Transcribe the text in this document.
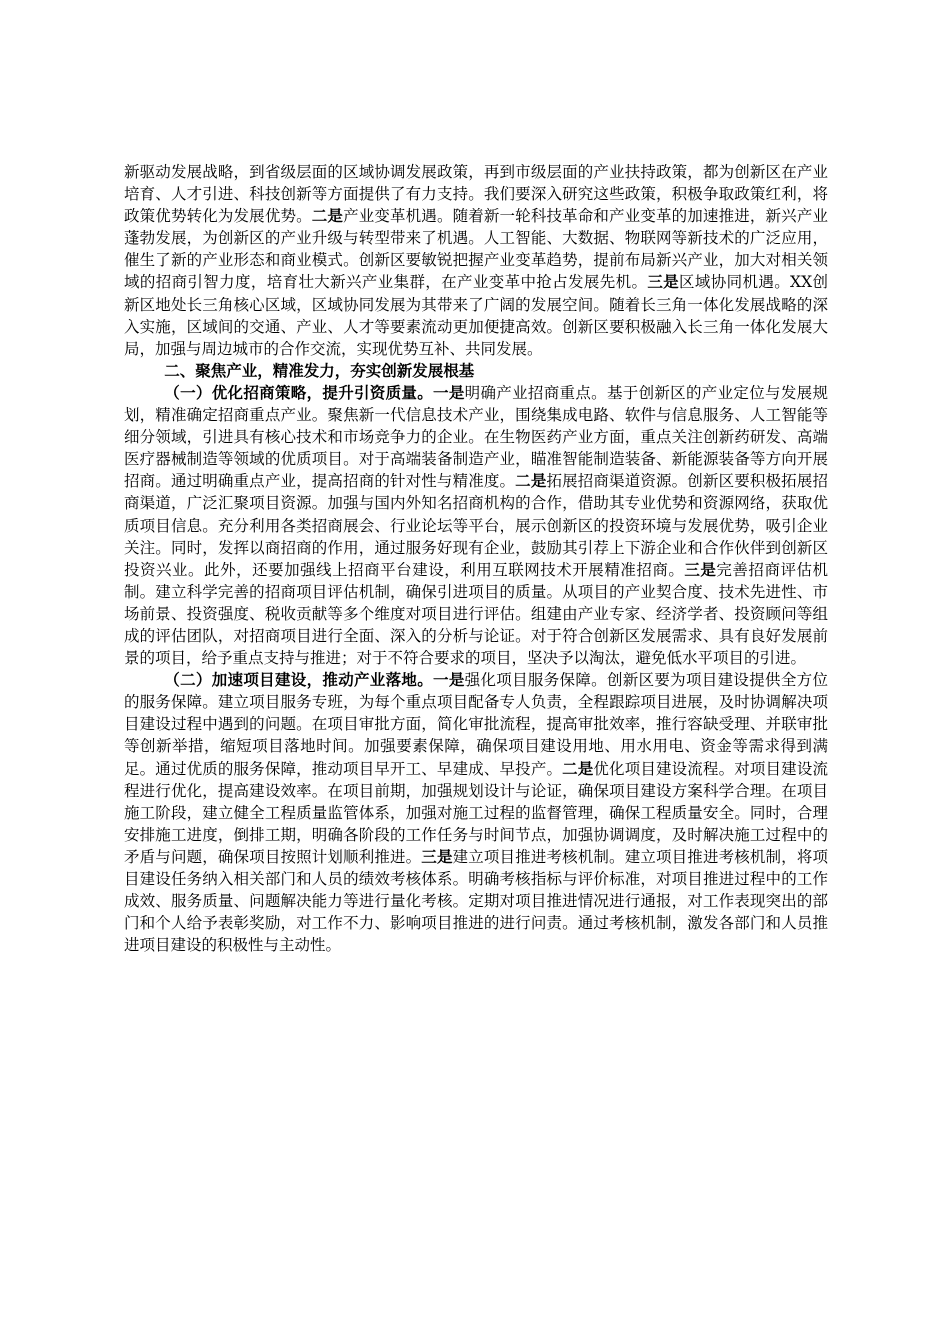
新驱动发展战略，到省级层面的区域协调发展政策，再到市级层面的产业扶持政策，都为创新区在产业培育、人才引进、科技创新等方面提供了有力支持。我们要深入研究这些政策，积极争取政策红利，将政策优势转化为发展优势。二是产业变革机遇。随着新一轮科技革命和产业变革的加速推进，新兴产业蓬勃发展，为创新区的产业升级与转型带来了机遇。人工智能、大数据、物联网等新技术的广泛应用，催生了新的产业形态和商业模式。创新区要敏锐把握产业变革趋势，提前布局新兴产业，加大对相关领域的招商引智力度，培育壮大新兴产业集群，在产业变革中抢占发展先机。三是区域协同机遇。XX创新区地处长三角核心区域，区域协同发展为其带来了广阔的发展空间。随着长三角一体化发展战略的深入实施，区域间的交通、产业、人才等要素流动更加便捷高效。创新区要积极融入长三角一体化发展大局，加强与周边城市的合作交流，实现优势互补、共同发展。

二、聚焦产业，精准发力，夯实创新发展根基

（一）优化招商策略，提升引资质量。一是明确产业招商重点。基于创新区的产业定位与发展规划，精准确定招商重点产业。聚焦新一代信息技术产业，围绕集成电路、软件与信息服务、人工智能等细分领域，引进具有核心技术和市场竞争力的企业。在生物医药产业方面，重点关注创新药研发、高端医疗器械制造等领域的优质项目。对于高端装备制造产业，瞄准智能制造装备、新能源装备等方向开展招商。通过明确重点产业，提高招商的针对性与精准度。二是拓展招商渠道资源。创新区要积极拓展招商渠道，广泛汇聚项目资源。加强与国内外知名招商机构的合作，借助其专业优势和资源网络，获取优质项目信息。充分利用各类招商展会、行业论坛等平台，展示创新区的投资环境与发展优势，吸引企业关注。同时，发挥以商招商的作用，通过服务好现有企业，鼓励其引荐上下游企业和合作伙伴到创新区投资兴业。此外，还要加强线上招商平台建设，利用互联网技术开展精准招商。三是完善招商评估机制。建立科学完善的招商项目评估机制，确保引进项目的质量。从项目的产业契合度、技术先进性、市场前景、投资强度、税收贡献等多个维度对项目进行评估。组建由产业专家、经济学者、投资顾问等组成的评估团队，对招商项目进行全面、深入的分析与论证。对于符合创新区发展需求、具有良好发展前景的项目，给予重点支持与推进；对于不符合要求的项目，坚决予以淘汰，避免低水平项目的引进。

（二）加速项目建设，推动产业落地。一是强化项目服务保障。创新区要为项目建设提供全方位的服务保障。建立项目服务专班，为每个重点项目配备专人负责，全程跟踪项目进展，及时协调解决项目建设过程中遇到的问题。在项目审批方面，简化审批流程，提高审批效率，推行容缺受理、并联审批等创新举措，缩短项目落地时间。加强要素保障，确保项目建设用地、用水用电、资金等需求得到满足。通过优质的服务保障，推动项目早开工、早建成、早投产。二是优化项目建设流程。对项目建设流程进行优化，提高建设效率。在项目前期，加强规划设计与论证，确保项目建设方案科学合理。在项目施工阶段，建立健全工程质量监管体系，加强对施工过程的监督管理，确保工程质量安全。同时，合理安排施工进度，倒排工期，明确各阶段的工作任务与时间节点，加强协调调度，及时解决施工过程中的矛盾与问题，确保项目按照计划顺利推进。三是建立项目推进考核机制。建立项目推进考核机制，将项目建设任务纳入相关部门和人员的绩效考核体系。明确考核指标与评价标准，对项目推进过程中的工作成效、服务质量、问题解决能力等进行量化考核。定期对项目推进情况进行通报，对工作表现突出的部门和个人给予表彰奖励，对工作不力、影响项目推进的进行问责。通过考核机制，激发各部门和人员推进项目建设的积极性与主动性。
